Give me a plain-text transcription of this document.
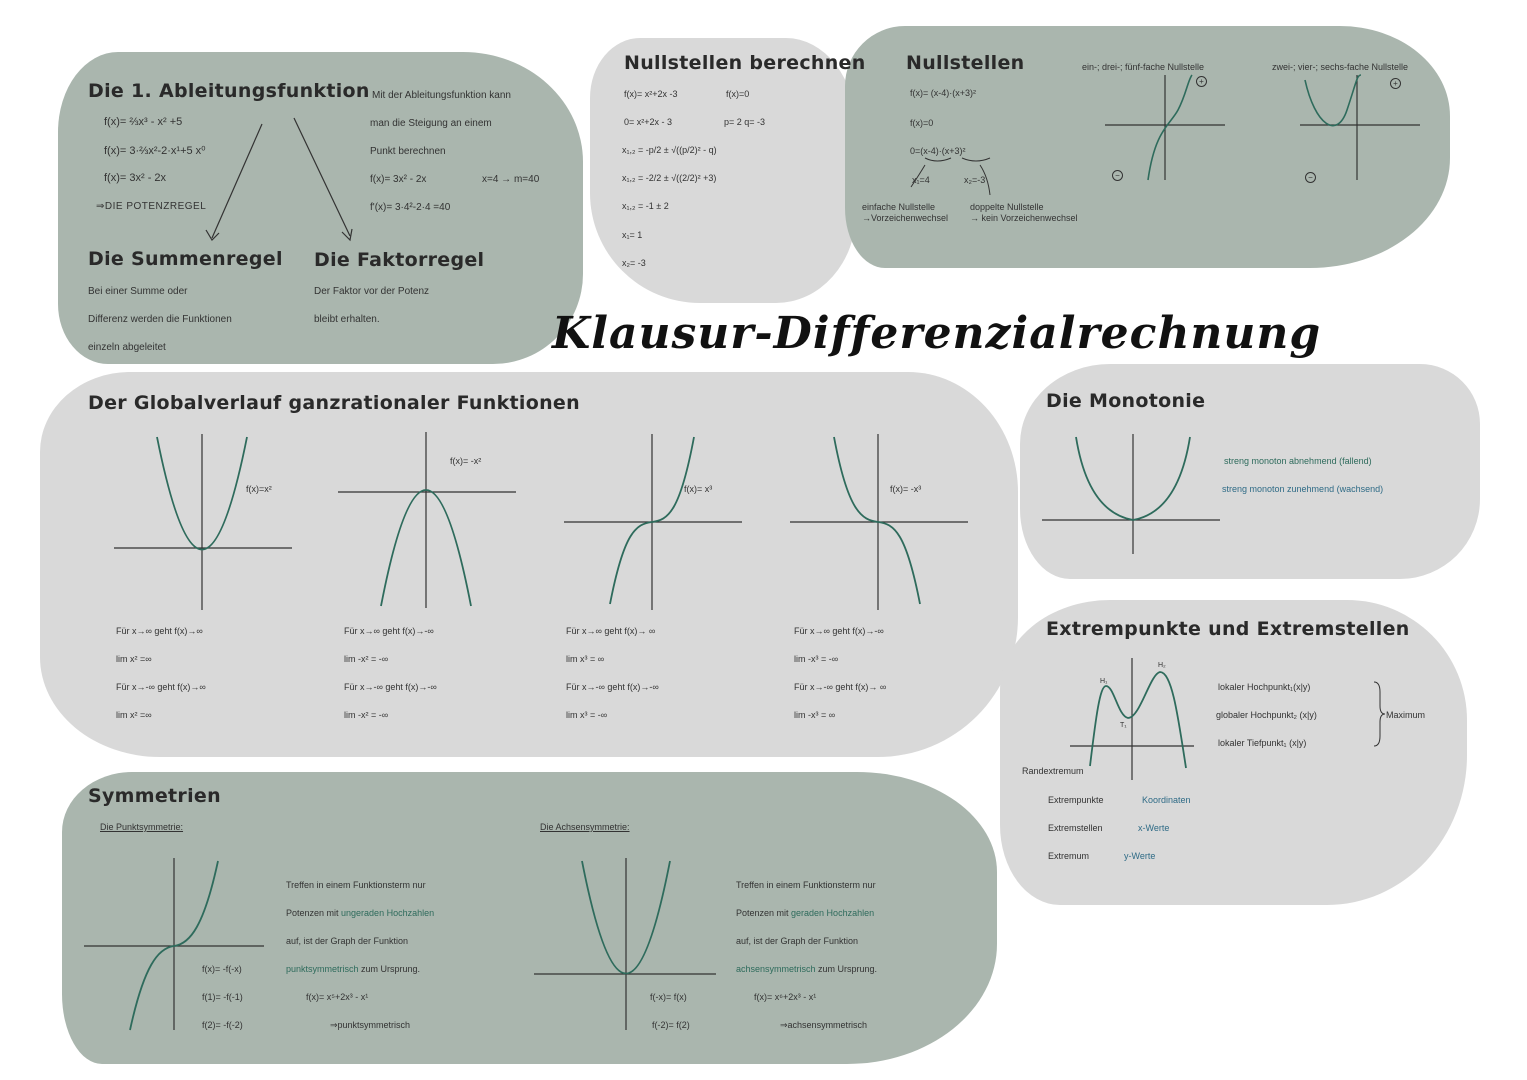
Klausur-Differenzialrechnung
Die 1. Ableitungsfunktion
f(x)= ⅔x³ - x² +5
f(x)= 3·⅔x²-2·x¹+5 x⁰
f(x)= 3x² - 2x
⇒DIE POTENZREGEL
Mit der Ableitungsfunktion kann
man die Steigung an einem
Punkt berechnen
f(x)= 3x² - 2x	x=4 → m=40
f'(x)= 3·4²-2·4 =40
Die Summenregel
Bei einer Summe oder
Differenz werden die Funktionen
einzeln abgeleitet
Die Faktorregel
Der Faktor vor der Potenz
bleibt erhalten.
Nullstellen berechnen
f(x)= x²+2x -3	f(x)=0
0= x²+2x - 3	p= 2 q= -3
x₁,₂ = -p/2 ± √((p/2)² - q)
x₁,₂ = -2/2 ± √((2/2)² +3)
x₁,₂ = -1 ± 2
x₁= 1
x₂= -3
Nullstellen
f(x)= (x-4)·(x+3)²
f(x)=0
0=(x-4)·(x+3)²
x₁=4	x₂=-3
einfache Nullstelle
→Vorzeichenwechsel
doppelte Nullstelle
→ kein Vorzeichenwechsel
ein-; drei-; fünf-fache Nullstelle	zwei-; vier-; sechs-fache Nullstelle
+
−
+
−
Der Globalverlauf ganzrationaler Funktionen
f(x)=x²
f(x)= -x²
f(x)= x³	f(x)= -x³
Für x→∞ geht f(x)→∞
lim x² =∞
Für x→-∞ geht f(x)→∞
lim x² =∞
Für x→∞ geht f(x)→-∞
lim -x² = -∞
Für x→-∞ geht f(x)→-∞
lim -x² = -∞
Für x→∞ geht f(x)→ ∞
lim x³ = ∞
Für x→-∞ geht f(x)→-∞
lim x³ = -∞
Für x→∞ geht f(x)→-∞
lim -x³ = -∞
Für x→-∞ geht f(x)→ ∞
lim -x³ = ∞
Die Monotonie
streng monoton abnehmend (fallend)
streng monoton zunehmend (wachsend)
Extrempunkte und Extremstellen
H₁
H₂
T₁
lokaler Hochpunkt₁(x|y)
globaler Hochpunkt₂ (x|y)
lokaler Tiefpunkt₁ (x|y)
Maximum
Randextremum
Extrempunkte	Koordinaten
Extremstellen	x-Werte
Extremum	y-Werte
Symmetrien
Die Punktsymmetrie:	Die Achsensymmetrie:
Treffen in einem Funktionsterm nur
Potenzen mit ungeraden Hochzahlen
auf, ist der Graph der Funktion
punktsymmetrisch zum Ursprung.
f(x)= -f(-x)
f(1)= -f(-1)
f(2)= -f(-2)
f(x)= x⁵+2x³ - x¹
⇒punktsymmetrisch
Treffen in einem Funktionsterm nur
Potenzen mit geraden Hochzahlen
auf, ist der Graph der Funktion
achsensymmetrisch zum Ursprung.
f(-x)= f(x)
f(-2)= f(2)
f(x)= x⁶+2x³ - x¹
⇒achsensymmetrisch
